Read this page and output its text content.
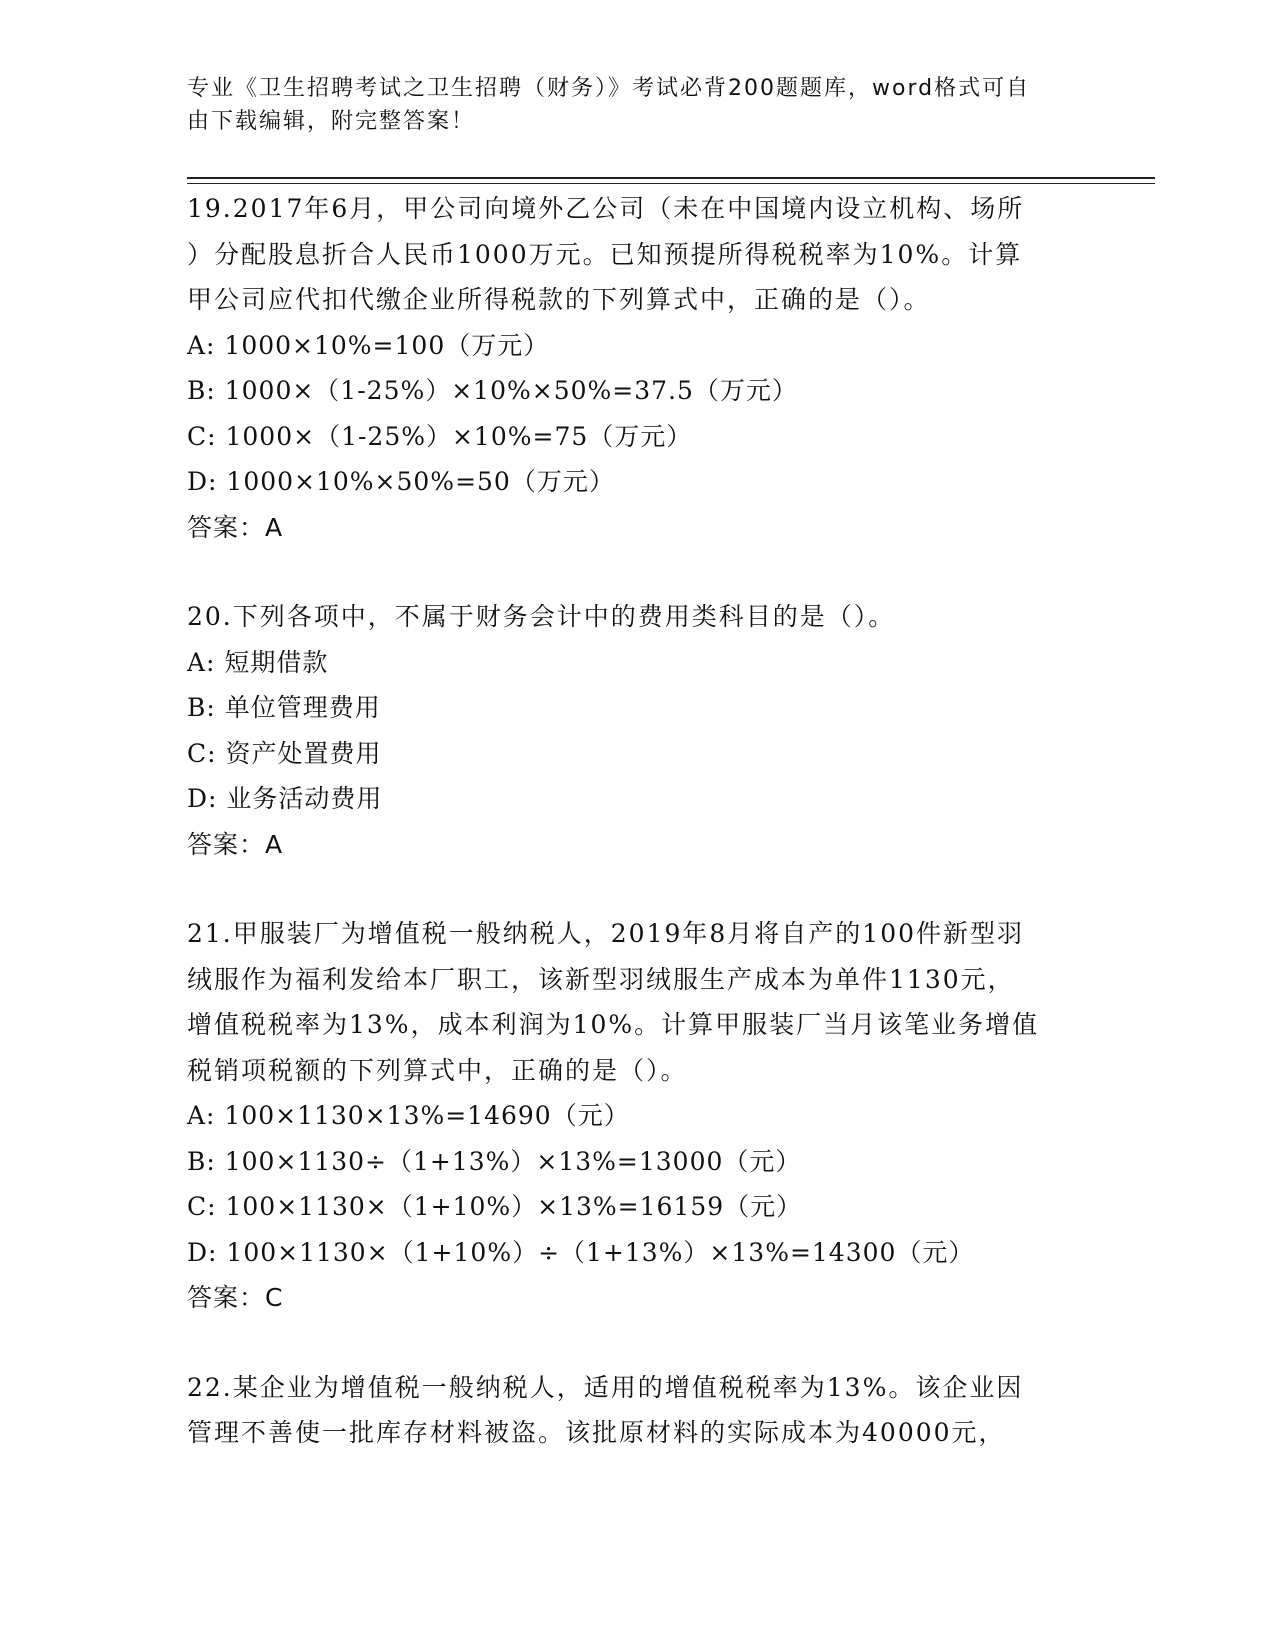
专业《卫生招聘考试之卫生招聘（财务）》考试必背200题题库，word格式可自
由下载编辑，附完整答案！
19.2017年6月，甲公司向境外乙公司（未在中国境内设立机构、场所
）分配股息折合人民币1000万元。已知预提所得税税率为10%。计算
甲公司应代扣代缴企业所得税款的下列算式中，正确的是（）。
A: 1000×10%=100（万元）
B: 1000×（1-25%）×10%×50%=37.5（万元）
C: 1000×（1-25%）×10%=75（万元）
D: 1000×10%×50%=50（万元）
答案：A
20.下列各项中，不属于财务会计中的费用类科目的是（）。
A: 短期借款
B: 单位管理费用
C: 资产处置费用
D: 业务活动费用
答案：A
21.甲服装厂为增值税一般纳税人，2019年8月将自产的100件新型羽
绒服作为福利发给本厂职工，该新型羽绒服生产成本为单件1130元，
增值税税率为13%，成本利润为10%。计算甲服装厂当月该笔业务增值
税销项税额的下列算式中，正确的是（）。
A: 100×1130×13%=14690（元）
B: 100×1130÷（1+13%）×13%=13000（元）
C: 100×1130×（1+10%）×13%=16159（元）
D: 100×1130×（1+10%）÷（1+13%）×13%=14300（元）
答案：C
22.某企业为增值税一般纳税人，适用的增值税税率为13%。该企业因
管理不善使一批库存材料被盗。该批原材料的实际成本为40000元，
